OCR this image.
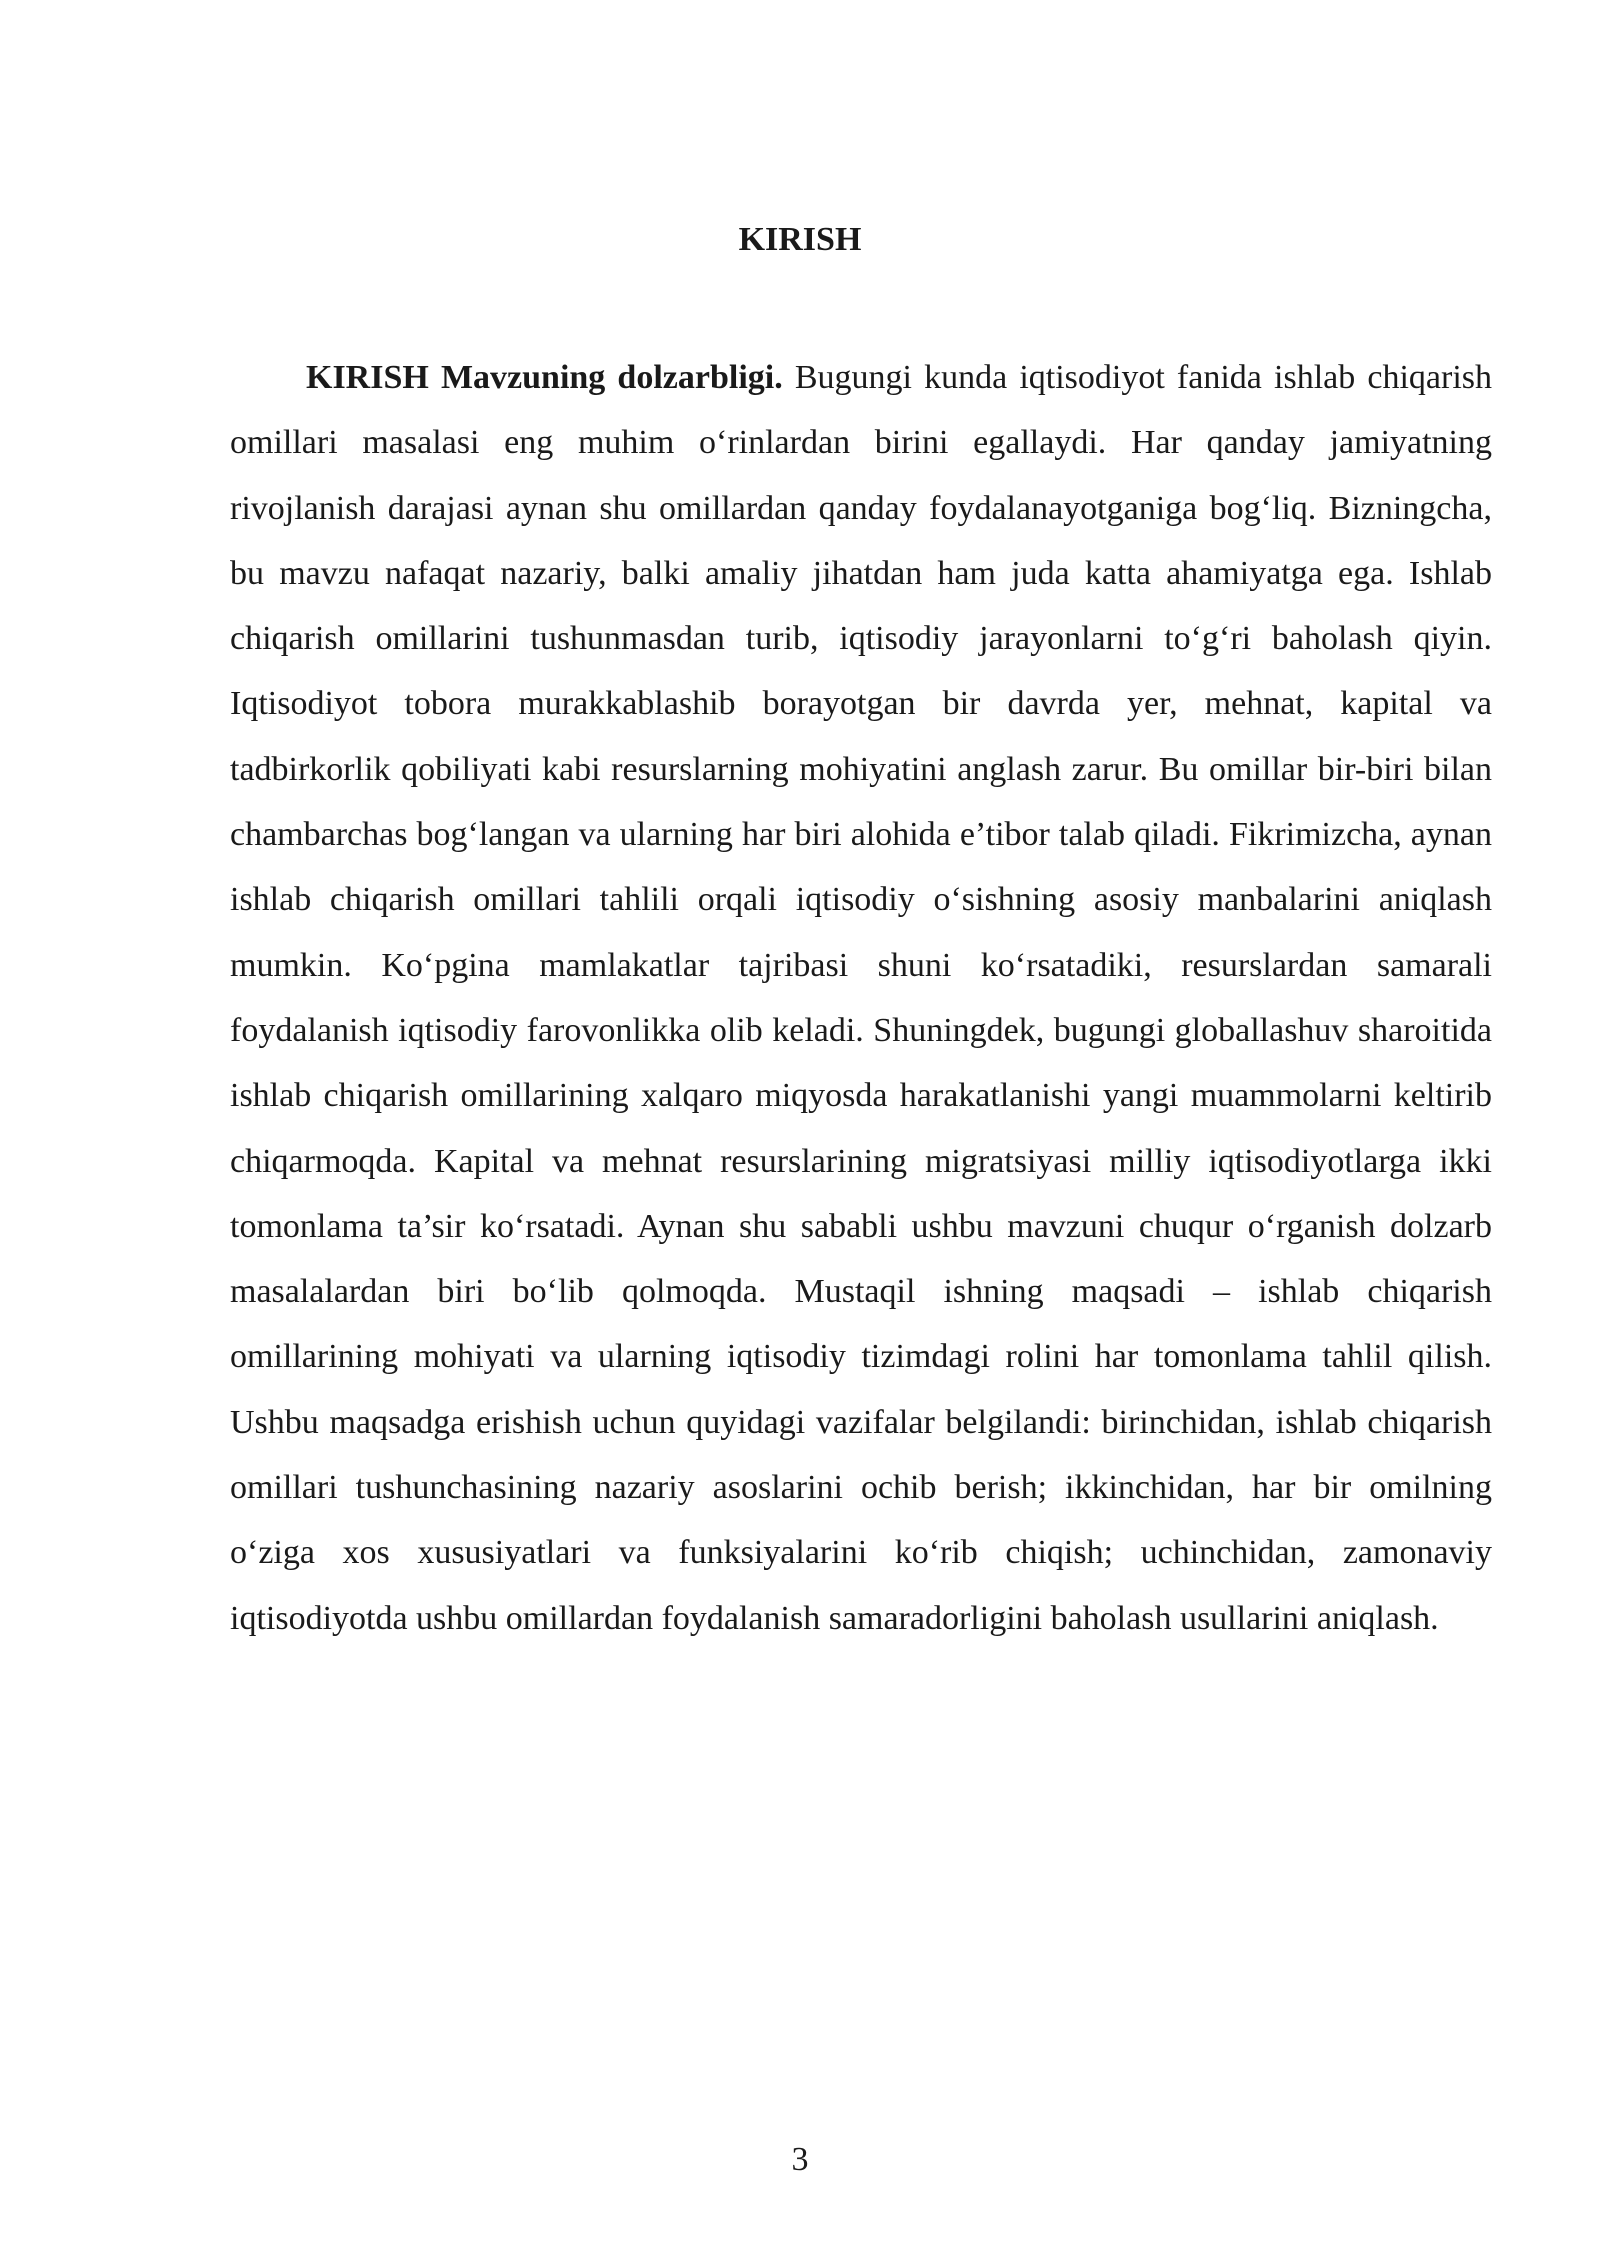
KIRISH

KIRISH Mavzuning dolzarbligi. Bugungi kunda iqtisodiyot fanida ishlab chiqarish omillari masalasi eng muhim o‘rinlardan birini egallaydi. Har qanday jamiyatning rivojlanish darajasi aynan shu omillardan qanday foydalanayotganiga bog‘liq. Bizningcha, bu mavzu nafaqat nazariy, balki amaliy jihatdan ham juda katta ahamiyatga ega. Ishlab chiqarish omillarini tushunmasdan turib, iqtisodiy jarayonlarni to‘g‘ri baholash qiyin. Iqtisodiyot tobora murakkablashib borayotgan bir davrda yer, mehnat, kapital va tadbirkorlik qobiliyati kabi resurslarning mohiyatini anglash zarur. Bu omillar bir-biri bilan chambarchas bog‘langan va ularning har biri alohida e’tibor talab qiladi. Fikrimizcha, aynan ishlab chiqarish omillari tahlili orqali iqtisodiy o‘sishning asosiy manbalarini aniqlash mumkin. Ko‘pgina mamlakatlar tajribasi shuni ko‘rsatadiki, resurslardan samarali foydalanish iqtisodiy farovonlikka olib keladi. Shuningdek, bugungi globallashuv sharoitida ishlab chiqarish omillarining xalqaro miqyosda harakatlanishi yangi muammolarni keltirib chiqarmoqda. Kapital va mehnat resurslarining migratsiyasi milliy iqtisodiyotlarga ikki tomonlama ta’sir ko‘rsatadi. Aynan shu sababli ushbu mavzuni chuqur o‘rganish dolzarb masalalardan biri bo‘lib qolmoqda. Mustaqil ishning maqsadi – ishlab chiqarish omillarining mohiyati va ularning iqtisodiy tizimdagi rolini har tomonlama tahlil qilish. Ushbu maqsadga erishish uchun quyidagi vazifalar belgilandi: birinchidan, ishlab chiqarish omillari tushunchasining nazariy asoslarini ochib berish; ikkinchidan, har bir omilning o‘ziga xos xususiyatlari va funksiyalarini ko‘rib chiqish; uchinchidan, zamonaviy iqtisodiyotda ushbu omillardan foydalanish samaradorligini baholash usullarini aniqlash.

3
